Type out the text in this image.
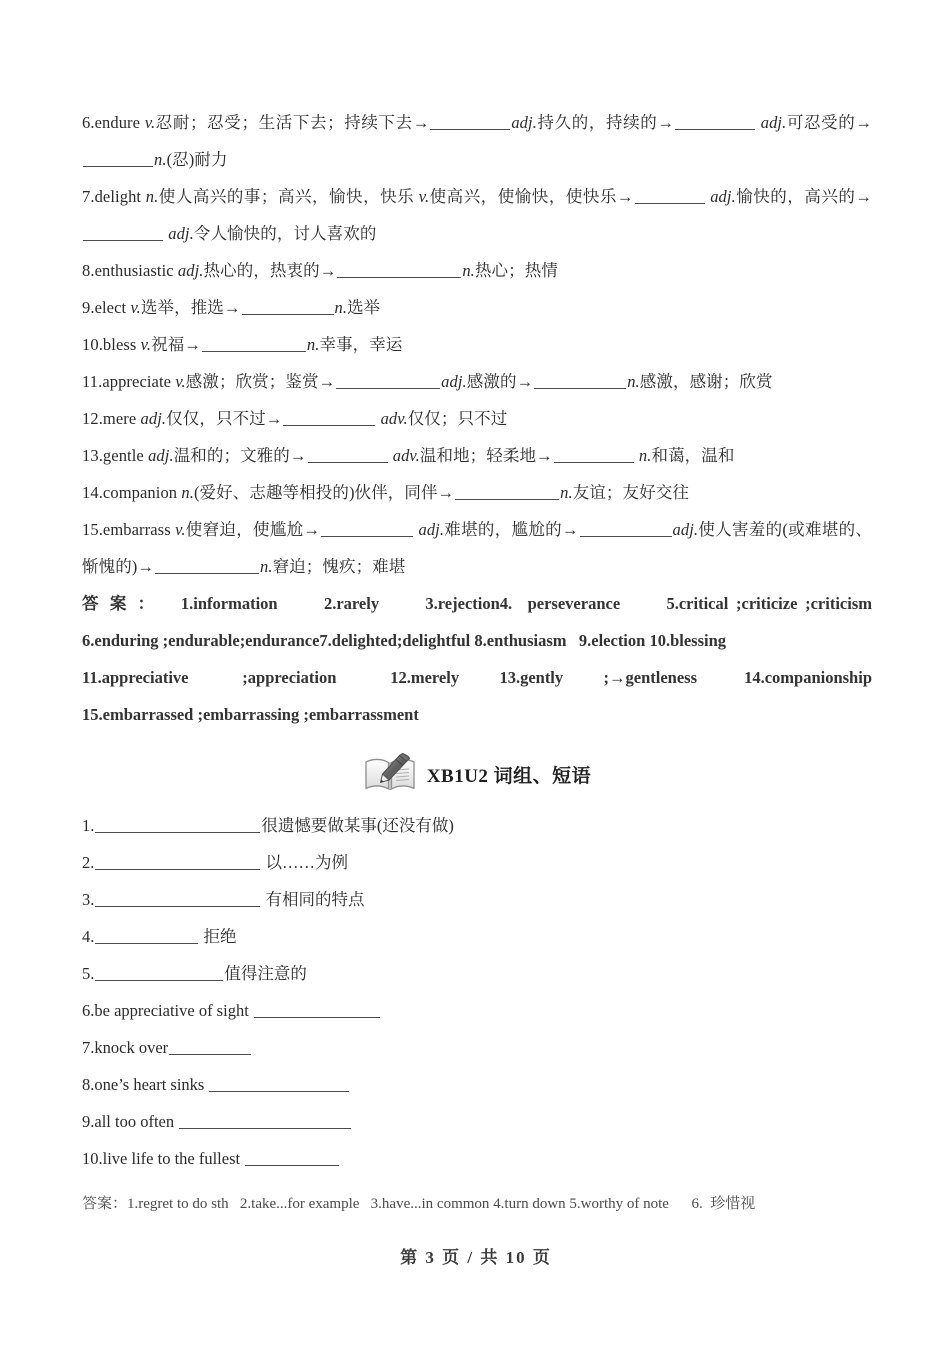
6.endure v.忍耐；忍受；生活下去；持续下去→	adj.持久的，持续的→	adj.可忍受的→n.(忍)耐力

7.delight n.使人高兴的事；高兴，愉快，快乐 v.使高兴，使愉快，使快乐→	adj.愉快的，高兴的→ adj.令人愉快的，讨人喜欢的

8.enthusiastic adj.热心的，热衷的→	n.热心；热情

9.elect v.选举，推选→	n.选举

10.bless v.祝福→	n.幸事，幸运

11.appreciate v.感激；欣赏；鉴赏→	adj.感激的→	n.感激，感谢；欣赏

12.mere adj.仅仅，只不过→	adv.仅仅；只不过

13.gentle adj.温和的；文雅的→	adv.温和地；轻柔地→	n.和蔼，温和

14.companion n.(爱好、志趣等相投的)伙伴，同伴→	n.友谊；友好交往

15.embarrass v.使窘迫，使尴尬→	adj.难堪的，尴尬的→	adj.使人害羞的(或难堪的、惭愧的)→	n.窘迫；愧疚；难堪

答 案 ：   1.information      2.rarely      3.rejection4.  perseverance      5.critical ;criticize ;criticism
6.enduring ;endurable;endurance7.delighted;delightful 8.enthusiasm   9.election 10.blessing
11.appreciative        ;appreciation        12.merely      13.gently      ;→gentleness       14.companionship
15.embarrassed ;embarrassing ;embarrassment
XB1U2 词组、短语

1.	很遗憾要做某事(还没有做)

2.	以……为例

3.	有相同的特点

4.	拒绝

5.	值得注意的

6.be appreciative of sight

7.knock over

8.one’s heart sinks

9.all too often

10.live life to the fullest

答案：1.regret to do sth   2.take...for example   3.have...in common 4.turn down 5.worthy of note      6.  珍惜视

第 3 页 / 共 10 页
